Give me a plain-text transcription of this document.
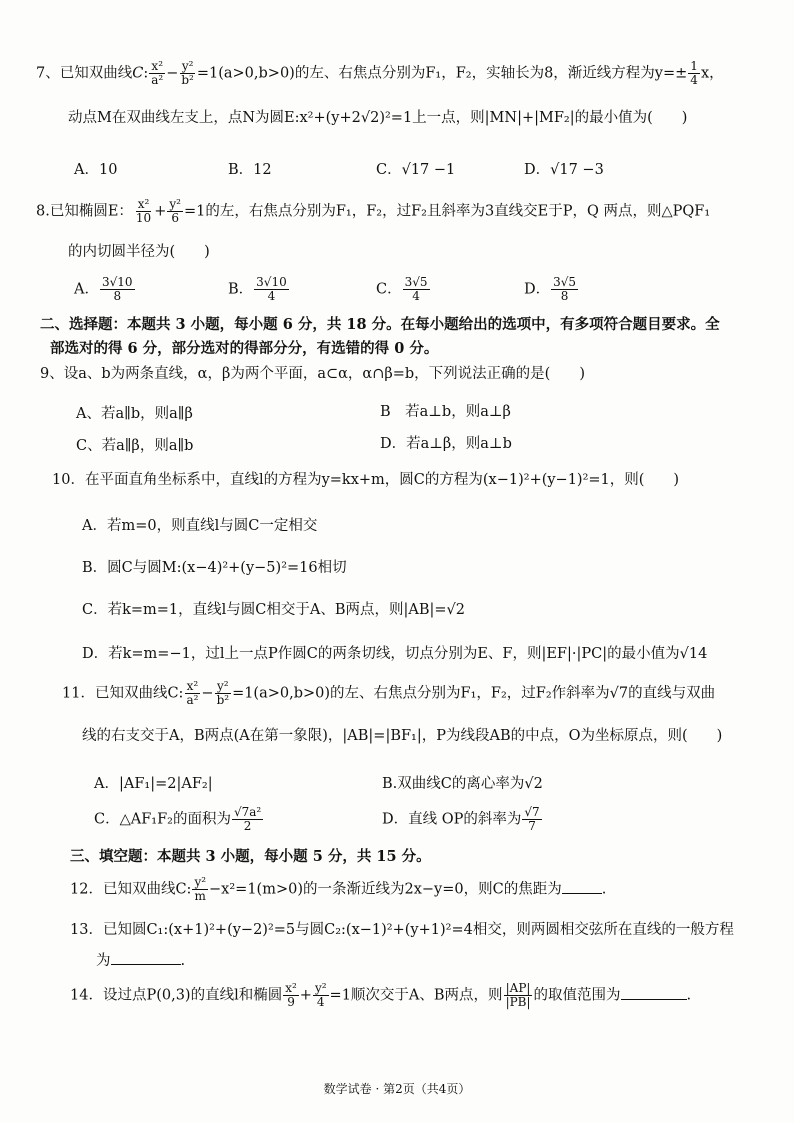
7、已知双曲线C: $\frac{\text{x²}}{\text{a²}} - \frac{\text{y²}}{\text{b²}} =1(a>0,b>0)$的左、右焦点分别为F₁，F₂，实轴长为8，渐近线方程为$y=\pm \frac{1}{4}$ x，
动点M在双曲线左支上，点N为圆E:x²+(y+2√2)²=1上一点，则|MN|+|MF₂|的最小值为(　　)
A．10	B．12	C．√17 −1	D．√17 −3
8.已知椭圆E： $\frac{\text{x²}}{10} + \frac{\text{y²}}{6} =1$的左，右焦点分别为F₁，F₂，过F₂且斜率为3直线交E于P，Q 两点，则△PQF₁
的内切圆半径为(　　)
A． $\frac{3√10}{8}$	B． $\frac{3√10}{4}$	C． $\frac{3√5}{4}$	D． $\frac{3√5}{8}$
二、选择题：本题共 3 小题，每小题 6 分，共 18 分。在每小题给出的选项中，有多项符合题目要求。全
部选对的得 6 分，部分选对的得部分分，有选错的得 0 分。
9、设a、b为两条直线，α，β为两个平面，a⊂α，α∩β=b，下列说法正确的是(　　)
A、若a∥b，则a∥β	B　若a⊥b，则a⊥β
C、若a∥β，则a∥b	D．若a⊥β，则a⊥b
10．在平面直角坐标系中，直线l的方程为y=kx+m，圆C的方程为(x−1)²+(y−1)²=1，则(　　)
A．若m=0，则直线l与圆C一定相交
B．圆C与圆M:(x−4)²+(y−5)²=16相切
C．若k=m=1，直线l与圆C相交于A、B两点，则|AB|=√2
D．若k=m=−1，过l上一点P作圆C的两条切线，切点分别为E、F，则|EF|·|PC|的最小值为√14
11．已知双曲线C: $\frac{\text{x²}}{\text{a²}} - \frac{\text{y²}}{\text{b²}} =1(a>0,b>0)$的左、右焦点分别为F₁，F₂，过F₂作斜率为√7的直线与双曲
线的右支交于A，B两点(A在第一象限)，|AB|=|BF₁|，P为线段AB的中点，O为坐标原点，则(　　)
A．|AF₁|=2|AF₂|	B.双曲线C的离心率为√2
C．△AF₁F₂的面积为 $\frac{\text{√7a²}}{2}$	D．直线 OP的斜率为 $\frac{√7}{7}$
三、填空题：本题共 3 小题，每小题 5 分，共 15 分。
12．已知双曲线C: $\frac{\text{y²}}{m} -x^2=1(m>0)$的一条渐近线为2x−y=0，则C的焦距为	.
13．已知圆C₁:(x+1)²+(y−2)²=5与圆C₂:(x−1)²+(y+1)²=4相交，则两圆相交弦所在直线的一般方程
为	.
14．设过点P(0,3)的直线l和椭圆 $\frac{\text{x²}}{9} + \frac{\text{y²}}{4} =1$顺次交于A、B两点，则 $\frac{|AP|}{|PB|}$ 的取值范围为	.
数学试卷 · 第2页（共4页）
